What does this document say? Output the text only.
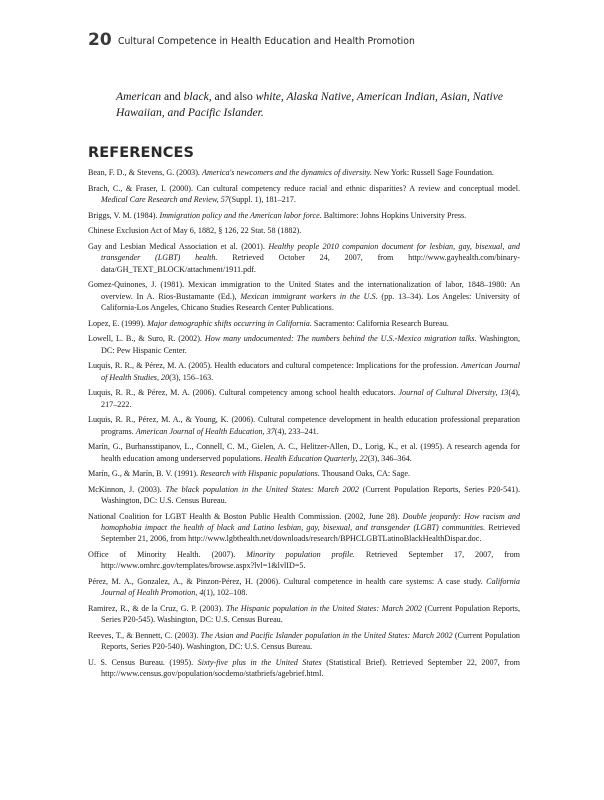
20 Cultural Competence in Health Education and Health Promotion
American and black, and also white, Alaska Native, American Indian, Asian, Native Hawaiian, and Pacific Islander.
REFERENCES
Bean, F. D., & Stevens, G. (2003). America's newcomers and the dynamics of diversity. New York: Russell Sage Foundation.
Brach, C., & Fraser, I. (2000). Can cultural competency reduce racial and ethnic disparities? A review and conceptual model. Medical Care Research and Review, 57(Suppl. 1), 181–217.
Briggs, V. M. (1984). Immigration policy and the American labor force. Baltimore: Johns Hopkins University Press.
Chinese Exclusion Act of May 6, 1882, § 126, 22 Stat. 58 (1882).
Gay and Lesbian Medical Association et al. (2001). Healthy people 2010 companion document for lesbian, gay, bisexual, and transgender (LGBT) health. Retrieved October 24, 2007, from http://www.gayhealth.com/binary-data/GH_TEXT_BLOCK/attachment/1911.pdf.
Gomez-Quinones, J. (1981). Mexican immigration to the United States and the internationalization of labor, 1848–1980: An overview. In A. Rios-Bustamante (Ed.), Mexican immigrant workers in the U.S. (pp. 13–34). Los Angeles: University of California-Los Angeles, Chicano Studies Research Center Publications.
Lopez, E. (1999). Major demographic shifts occurring in California. Sacramento: California Research Bureau.
Lowell, L. B., & Suro, R. (2002). How many undocumented: The numbers behind the U.S.-Mexico migration talks. Washington, DC: Pew Hispanic Center.
Luquis, R. R., & Pérez, M. A. (2005). Health educators and cultural competence: Implications for the profession. American Journal of Health Studies, 20(3), 156–163.
Luquis, R. R., & Pérez, M. A. (2006). Cultural competency among school health educators. Journal of Cultural Diversity, 13(4), 217–222.
Luquis, R. R., Pérez, M. A., & Young, K. (2006). Cultural competence development in health education professional preparation programs. American Journal of Health Education, 37(4), 233–241.
Marín, G., Burhansstipanov, L., Connell, C. M., Gielen, A. C., Helitzer-Allen, D., Lorig, K., et al. (1995). A research agenda for health education among underserved populations. Health Education Quarterly, 22(3), 346–364.
Marín, G., & Marín, B. V. (1991). Research with Hispanic populations. Thousand Oaks, CA: Sage.
McKinnon, J. (2003). The black population in the United States: March 2002 (Current Population Reports, Series P20-541). Washington, DC: U.S. Census Bureau.
National Coalition for LGBT Health & Boston Public Health Commission. (2002, June 28). Double jeopardy: How racism and homophobia impact the health of black and Latino lesbian, gay, bisexual, and transgender (LGBT) communities. Retrieved September 21, 2006, from http://www.lgbthealth.net/downloads/research/BPHCLGBTLatinoBlackHealthDispar.doc.
Office of Minority Health. (2007). Minority population profile. Retrieved September 17, 2007, from http://www.omhrc.gov/templates/browse.aspx?lvl=1&lvlID=5.
Pérez, M. A., Gonzalez, A., & Pinzon-Pérez, H. (2006). Cultural competence in health care systems: A case study. California Journal of Health Promotion, 4(1), 102–108.
Ramirez, R., & de la Cruz, G. P. (2003). The Hispanic population in the United States: March 2002 (Current Population Reports, Series P20-545). Washington, DC: U.S. Census Bureau.
Reeves, T., & Bennett, C. (2003). The Asian and Pacific Islander population in the United States: March 2002 (Current Population Reports, Series P20-540). Washington, DC: U.S. Census Bureau.
U. S. Census Bureau. (1995). Sixty-five plus in the United States (Statistical Brief). Retrieved September 22, 2007, from http://www.census.gov/population/socdemo/statbriefs/agebrief.html.
